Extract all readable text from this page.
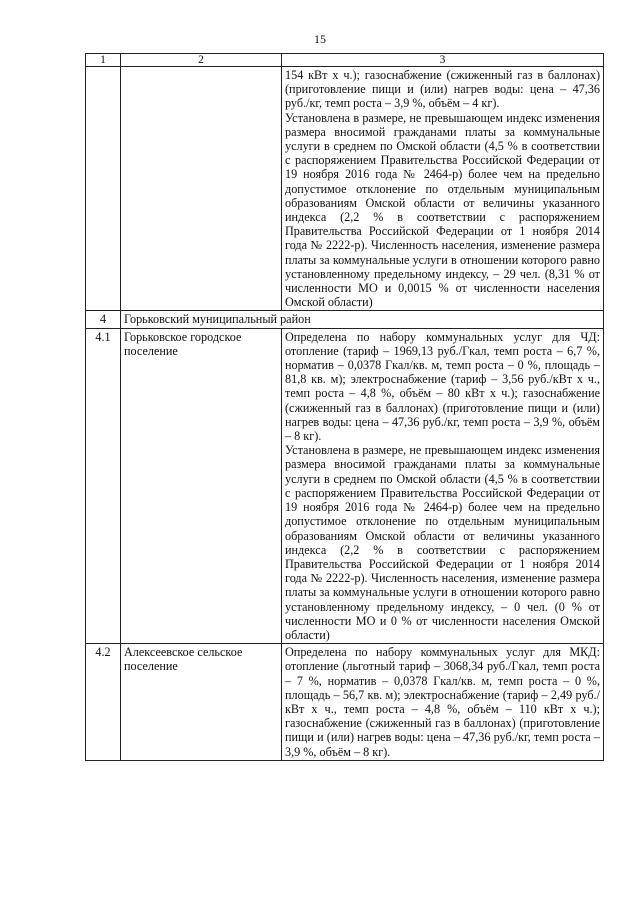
15
1	2	3

		154 кВт х ч.); газоснабжение (сжиженный газ в баллонах) (приготовление пищи и (или) нагрев воды: цена – 47,36 руб./кг, темп роста – 3,9 %, объём – 4 кг).

Установлена в размере, не превышающем индекс изменения размера вносимой гражданами платы за коммунальные услуги в среднем по Омской области (4,5 % в соответствии с распоряжением Правительства Российской Федерации от 19 ноября 2016 года № 2464-р) более чем на предельно допустимое отклонение по отдельным муниципальным образованиям Омской области от величины указанного индекса (2,2 % в соответствии с распоряжением Правительства Российской Федерации от 1 ноября 2014 года № 2222-р). Численность населения, изменение размера платы за коммунальные услуги в отношении которого равно установленному предельному индексу, – 29 чел. (8,31 % от численности МО и 0,0015 % от численности населения Омской области)

4	Горьковский муниципальный район	
4.1	Горьковское городское поселение	Определена по набору коммунальных услуг для ЧД: отопление (тариф – 1969,13 руб./Гкал, темп роста – 6,7 %, норматив – 0,0378 Гкал/кв. м, темп роста – 0 %, площадь – 81,8 кв. м); электроснабжение (тариф – 3,56 руб./кВт х ч., темп роста – 4,8 %, объём – 80 кВт х ч.); газоснабжение (сжиженный газ в баллонах) (приготовление пищи и (или) нагрев воды: цена – 47,36 руб./кг, темп роста – 3,9 %, объём – 8 кг).

Установлена в размере, не превышающем индекс изменения размера вносимой гражданами платы за коммунальные услуги в среднем по Омской области (4,5 % в соответствии с распоряжением Правительства Российской Федерации от 19 ноября 2016 года № 2464-р) более чем на предельно допустимое отклонение по отдельным муниципальным образованиям Омской области от величины указанного индекса (2,2 % в соответствии с распоряжением Правительства Российской Федерации от 1 ноября 2014 года № 2222-р). Численность населения, изменение размера платы за коммунальные услуги в отношении которого равно установленному предельному индексу, – 0 чел. (0 % от численности МО и 0 % от численности населения Омской области)

4.2	Алексеевское сельское поселение	Определена по набору коммунальных услуг для МКД: отопление (льготный тариф – 3068,34 руб./Гкал, темп роста – 7 %, норматив – 0,0378 Гкал/кв. м, темп роста – 0 %, площадь – 56,7 кв. м); электроснабжение (тариф – 2,49 руб./кВт х ч., темп роста – 4,8 %, объём – 110 кВт х ч.); газоснабжение (сжиженный газ в баллонах) (приготовление пищи и (или) нагрев воды: цена – 47,36 руб./кг, темп роста – 3,9 %, объём – 8 кг).
